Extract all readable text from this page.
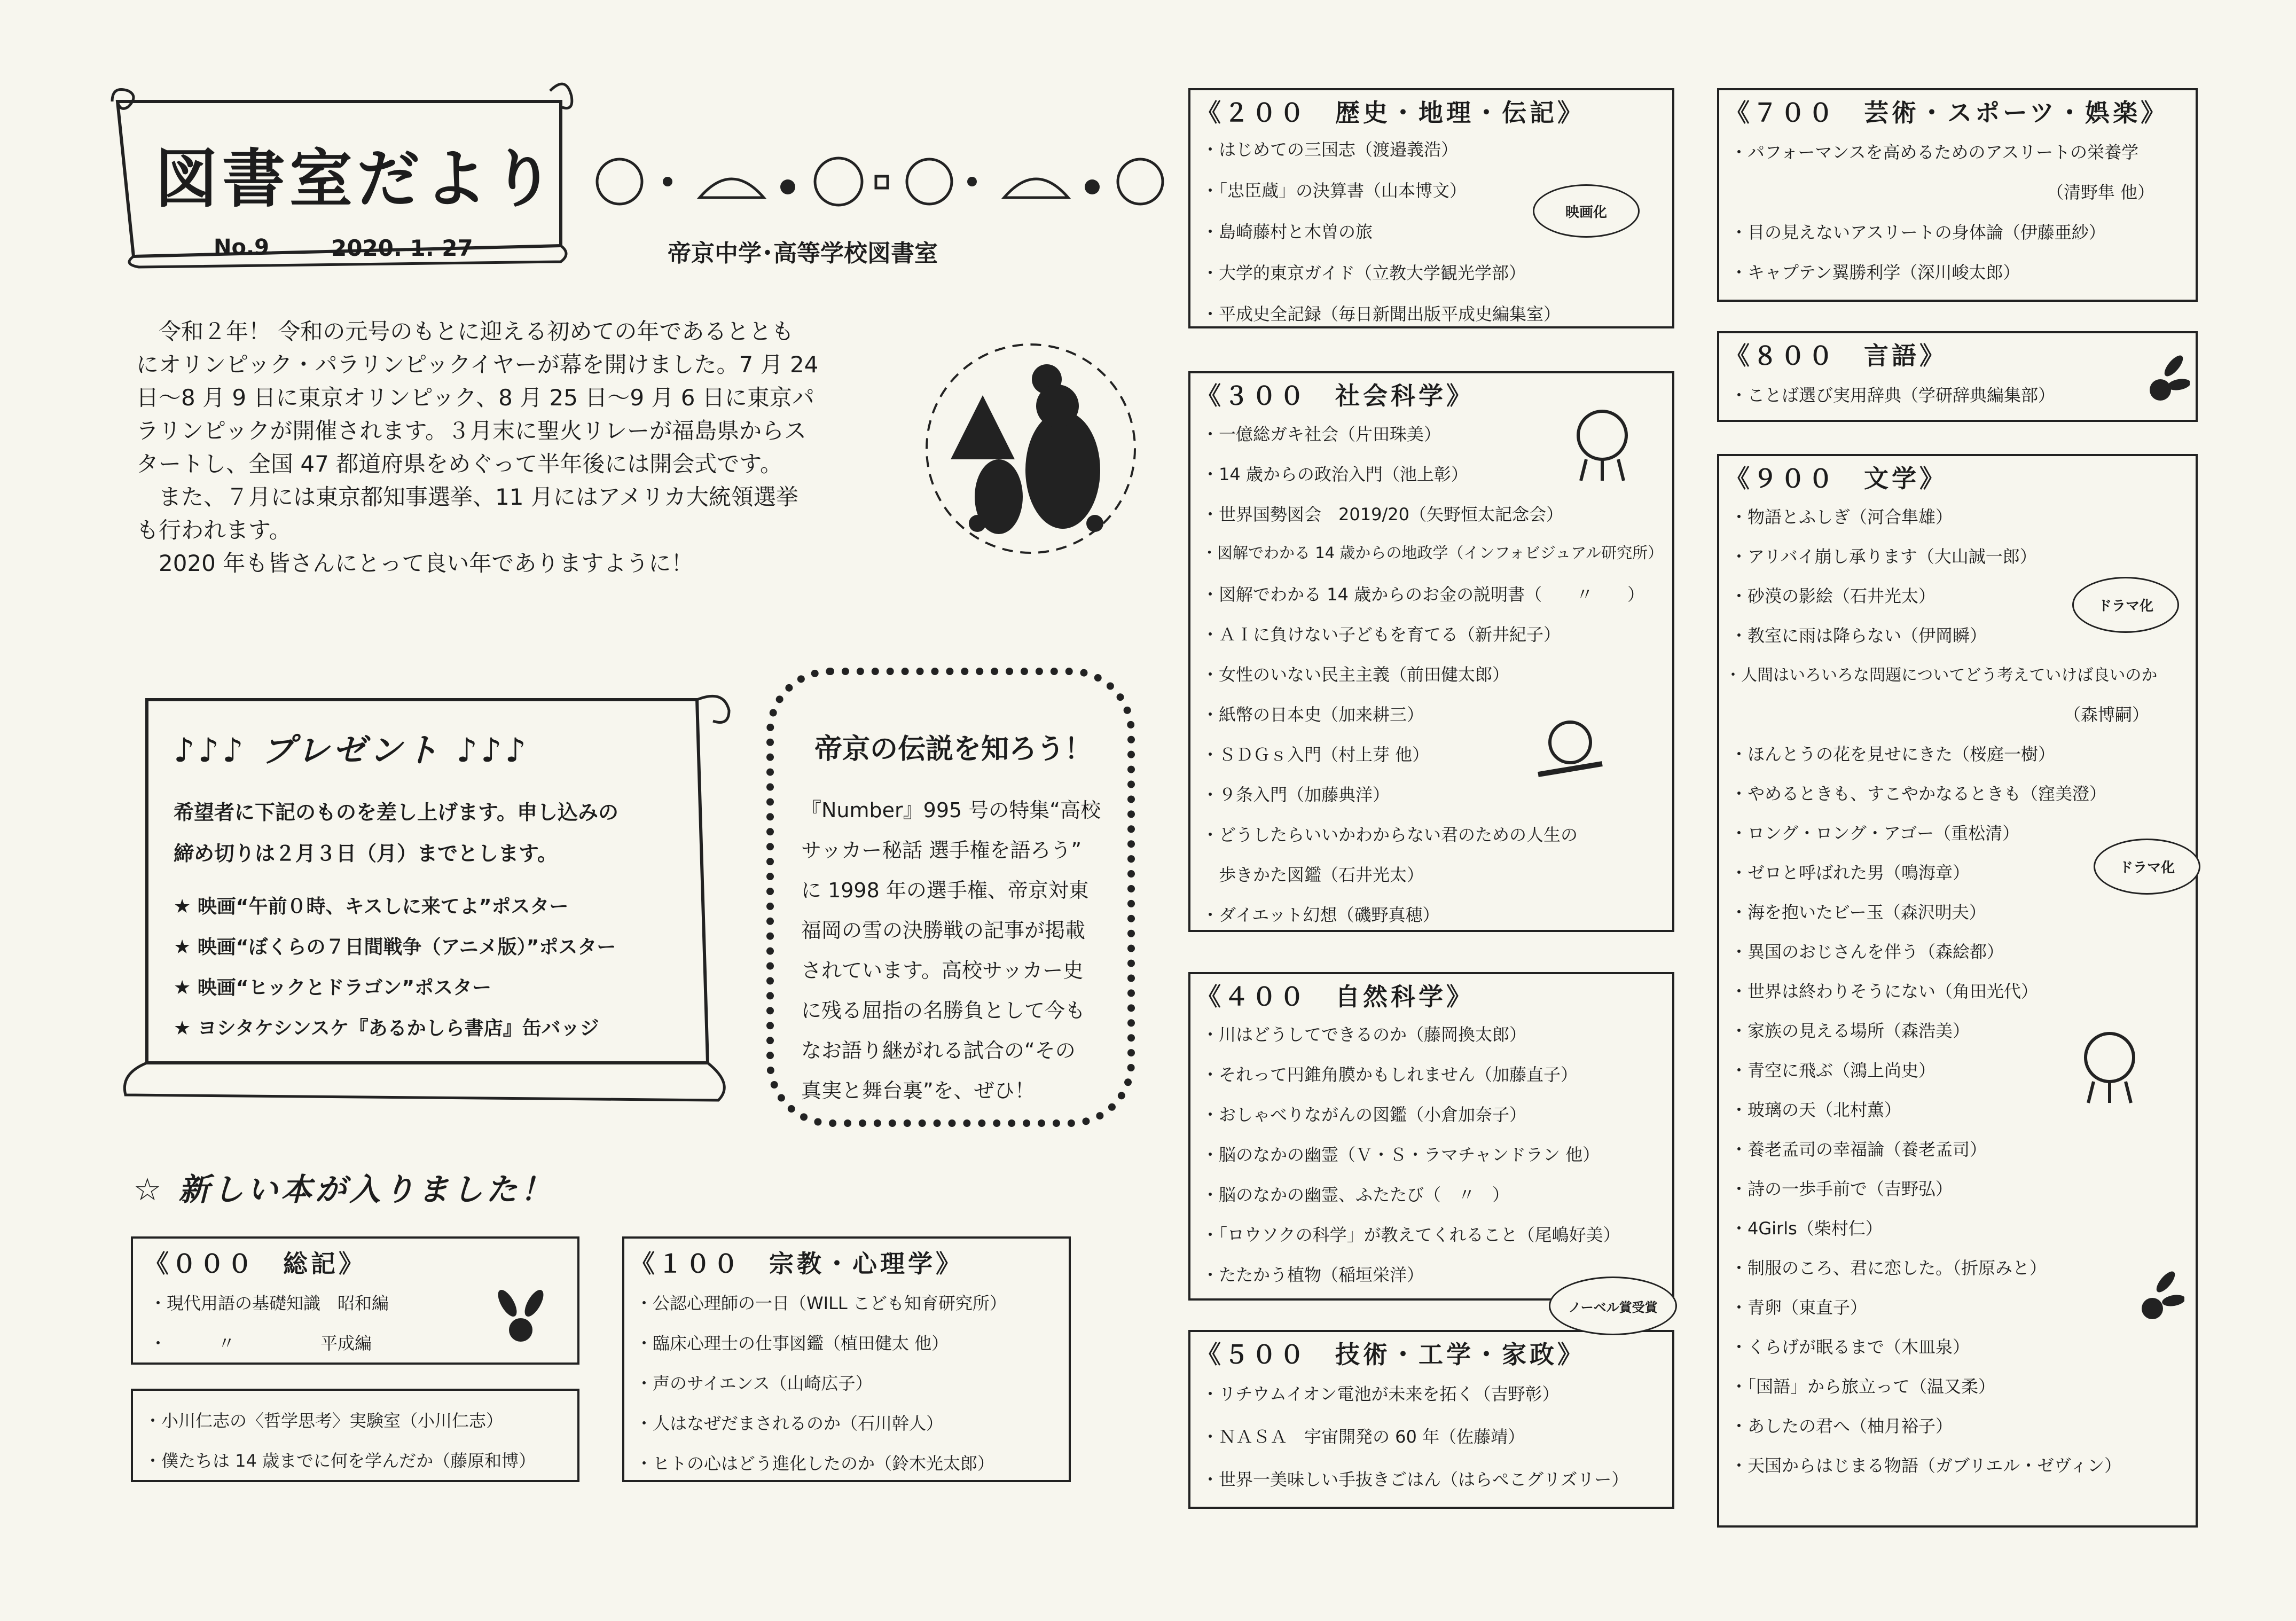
図書室だより
No.9	2020. 1. 27	帝京中学･高等学校図書室

　令和２年！ 令和の元号のもとに迎える初めての年であるととも

にオリンピック・パラリンピックイヤーが幕を開けました。7 月 24

日～8 月 9 日に東京オリンピック、8 月 25 日～9 月 6 日に東京パ

ラリンピックが開催されます。３月末に聖火リレーが福島県からス

タートし、全国 47 都道府県をめぐって半年後には開会式です。

　また、７月には東京都知事選挙、11 月にはアメリカ大統領選挙

も行われます。

　2020 年も皆さんにとって良い年でありますように！

♪♪♪ プレゼント ♪♪♪
希望者に下記のものを差し上げます。申し込みの
締め切りは２月３日（月）までとします。
★ 映画“午前０時、キスしに来てよ”ポスター
★ 映画“ぼくらの７日間戦争（アニメ版）”ポスター
★ 映画“ヒックとドラゴン”ポスター
★ ヨシタケシンスケ『あるかしら書店』缶バッジ
帝京の伝説を知ろう！

『Number』995 号の特集“高校

サッカー秘話 選手権を語ろう”

に 1998 年の選手権、帝京対東

福岡の雪の決勝戦の記事が掲載

されています。高校サッカー史

に残る屈指の名勝負として今も

なお語り継がれる試合の“その

真実と舞台裏”を、ぜひ！

☆ 新しい本が入りました！
《０００　総記》
・現代用語の基礎知識　昭和編
・　　　〃　　　　　平成編
・小川仁志の〈哲学思考〉実験室（小川仁志）
・僕たちは 14 歳までに何を学んだか（藤原和博）
《１００　宗教・心理学》
・公認心理師の一日（WILL こども知育研究所）
・臨床心理士の仕事図鑑（植田健太 他）
・声のサイエンス（山崎広子）
・人はなぜだまされるのか（石川幹人）
・ヒトの心はどう進化したのか（鈴木光太郎）
《２００　歴史・地理・伝記》
・はじめての三国志（渡邉義浩）
・「忠臣蔵」の決算書（山本博文）
・島崎藤村と木曽の旅
・大学的東京ガイド（立教大学観光学部）
・平成史全記録（毎日新聞出版平成史編集室）
映画化
《３００　社会科学》
・一億総ガキ社会（片田珠美）
・14 歳からの政治入門（池上彰）
・世界国勢図会　2019/20（矢野恒太記念会）
・図解でわかる 14 歳からの地政学（インフォビジュアル研究所）
・図解でわかる 14 歳からのお金の説明書（　　〃　　）
・ＡＩに負けない子どもを育てる（新井紀子）
・女性のいない民主主義（前田健太郎）
・紙幣の日本史（加来耕三）
・ＳＤＧｓ入門（村上芽 他）
・９条入門（加藤典洋）
・どうしたらいいかわからない君のための人生の
　歩きかた図鑑（石井光太）
・ダイエット幻想（磯野真穂）
《４００　自然科学》
・川はどうしてできるのか（藤岡換太郎）
・それって円錐角膜かもしれません（加藤直子）
・おしゃべりながんの図鑑（小倉加奈子）
・脳のなかの幽霊（Ｖ・Ｓ・ラマチャンドラン 他）
・脳のなかの幽霊、ふたたび（　〃　）
・「ロウソクの科学」が教えてくれること（尾嶋好美）
・たたかう植物（稲垣栄洋）
《５００　技術・工学・家政》
・リチウムイオン電池が未来を拓く（吉野彰）
・ＮＡＳＡ　宇宙開発の 60 年（佐藤靖）
・世界一美味しい手抜きごはん（はらぺこグリズリー）
ノーベル賞受賞
《７００　芸術・スポーツ・娯楽》
・パフォーマンスを高めるためのアスリートの栄養学
　　　　　　　　　　　　　　　　　　　（清野隼 他）
・目の見えないアスリートの身体論（伊藤亜紗）
・キャプテン翼勝利学（深川峻太郎）
《８００　言語》
・ことば選び実用辞典（学研辞典編集部）
《９００　文学》
・物語とふしぎ（河合隼雄）
・アリバイ崩し承ります（大山誠一郎）
・砂漠の影絵（石井光太）
・教室に雨は降らない（伊岡瞬）
・人間はいろいろな問題についてどう考えていけば良いのか
　　　　　　　　　　　　　　　　　　　　（森博嗣）
・ほんとうの花を見せにきた（桜庭一樹）
・やめるときも、すこやかなるときも（窪美澄）
・ロング・ロング・アゴー（重松清）
・ゼロと呼ばれた男（鳴海章）
・海を抱いたビー玉（森沢明夫）
・異国のおじさんを伴う（森絵都）
・世界は終わりそうにない（角田光代）
・家族の見える場所（森浩美）
・青空に飛ぶ（鴻上尚史）
・玻璃の天（北村薫）
・養老孟司の幸福論（養老孟司）
・詩の一歩手前で（吉野弘）
・4Girls（柴村仁）
・制服のころ、君に恋した。（折原みと）
・青卵（東直子）
・くらげが眠るまで（木皿泉）
・「国語」から旅立って（温又柔）
・あしたの君へ（柚月裕子）
・天国からはじまる物語（ガブリエル・ゼヴィン）
ドラマ化
ドラマ化
